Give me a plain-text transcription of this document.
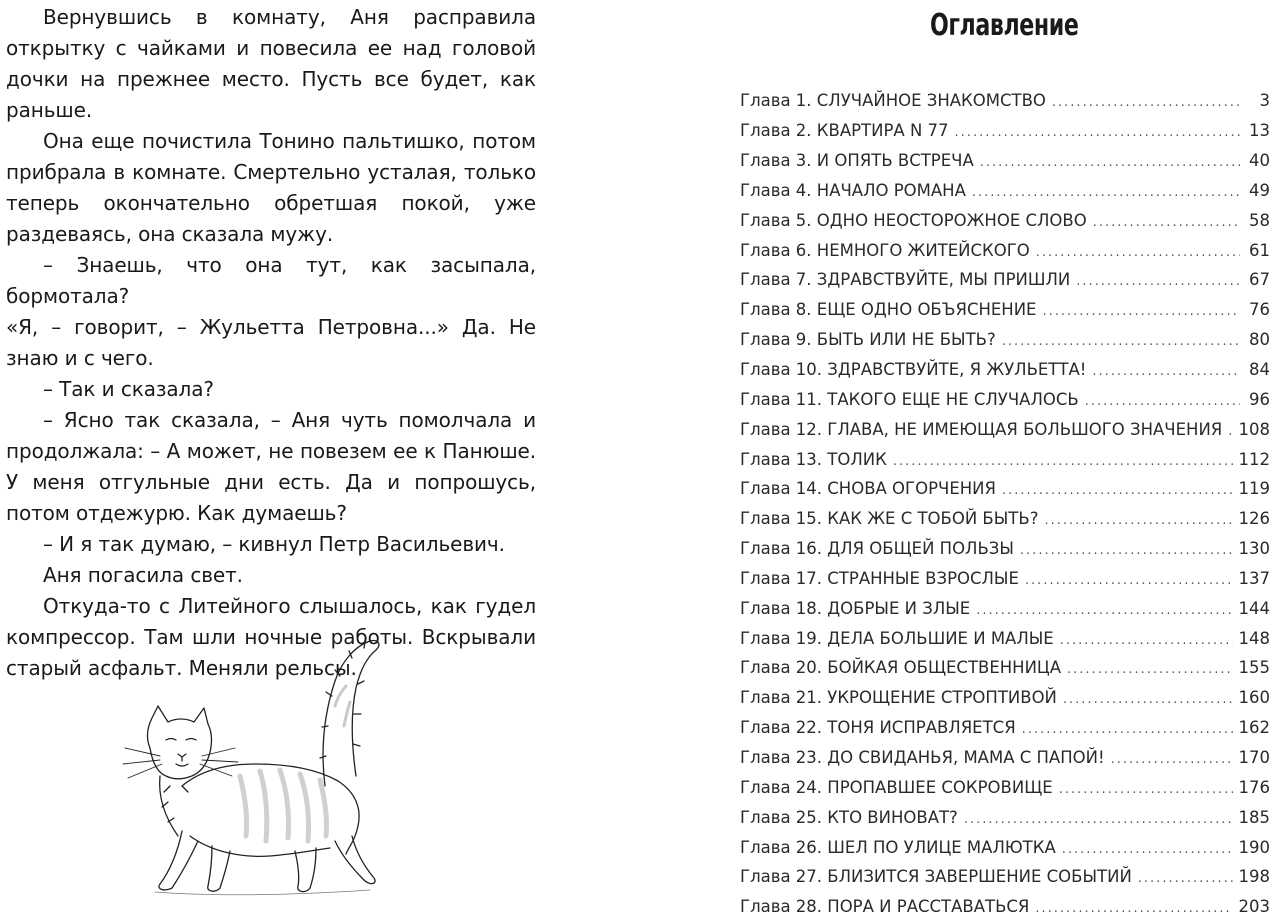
Вернувшись в комнату, Аня расправила открытку с чайками и повесила ее над головой дочки на прежнее место. Пусть все будет, как раньше.

Она еще почистила Тонино пальтишко, потом прибрала в комнате. Смертельно усталая, только теперь окончательно обретшая покой, уже раздеваясь, она сказала мужу.

– Знаешь, что она тут, как засыпала, бормотала?

«Я, – говорит, – Жульетта Петровна...» Да. Не знаю и с чего.

– Так и сказала?

– Ясно так сказала, – Аня чуть помолчала и продолжала: – А может, не повезем ее к Панюше. У меня отгульные дни есть. Да и попрошусь, потом отдежурю. Как думаешь?

– И я так думаю, – кивнул Петр Васильевич.

Аня погасила свет.

Откуда-то с Литейного слышалось, как гудел компрессор. Там шли ночные работы. Вскрывали старый асфальт. Меняли рельсы.

Оглавление
Глава 1. СЛУЧАЙНОЕ ЗНАКОМСТВО .....	3
Глава 2. КВАРТИРА N 77 .....	13
Глава 3. И ОПЯТЬ ВСТРЕЧА .....	40
Глава 4. НАЧАЛО РОМАНА .....	49
Глава 5. ОДНО НЕОСТОРОЖНОЕ СЛОВО .....	58
Глава 6. НЕМНОГО ЖИТЕЙСКОГО .....	61
Глава 7. ЗДРАВСТВУЙТЕ, МЫ ПРИШЛИ .....	67
Глава 8. ЕЩЕ ОДНО ОБЪЯСНЕНИЕ .....	76
Глава 9. БЫТЬ ИЛИ НЕ БЫТЬ? .....	80
Глава 10. ЗДРАВСТВУЙТЕ, Я ЖУЛЬЕТТА! .....	84
Глава 11. ТАКОГО ЕЩЕ НЕ СЛУЧАЛОСЬ .....	96
Глава 12. ГЛАВА, НЕ ИМЕЮЩАЯ БОЛЬШОГО ЗНАЧЕНИЯ ..... 108
Глава 13. ТОЛИК .....	112
Глава 14. СНОВА ОГОРЧЕНИЯ .....	119
Глава 15. КАК ЖЕ С ТОБОЙ БЫТЬ? .....	126
Глава 16. ДЛЯ ОБЩЕЙ ПОЛЬЗЫ .....	130
Глава 17. СТРАННЫЕ ВЗРОСЛЫЕ .....	137
Глава 18. ДОБРЫЕ И ЗЛЫЕ .....	144
Глава 19. ДЕЛА БОЛЬШИЕ И МАЛЫЕ .....	148
Глава 20. БОЙКАЯ ОБЩЕСТВЕННИЦА .....	155
Глава 21. УКРОЩЕНИЕ СТРОПТИВОЙ .....	160
Глава 22. ТОНЯ ИСПРАВЛЯЕТСЯ .....	162
Глава 23. ДО СВИДАНЬЯ, МАМА С ПАПОЙ! .....	170
Глава 24. ПРОПАВШЕЕ СОКРОВИЩЕ .....	176
Глава 25. КТО ВИНОВАТ? .....	185
Глава 26. ШЕЛ ПО УЛИЦЕ МАЛЮТКА .....	190
Глава 27. БЛИЗИТСЯ ЗАВЕРШЕНИЕ СОБЫТИЙ .....	198
Глава 28. ПОРА И РАССТАВАТЬСЯ .....	203
